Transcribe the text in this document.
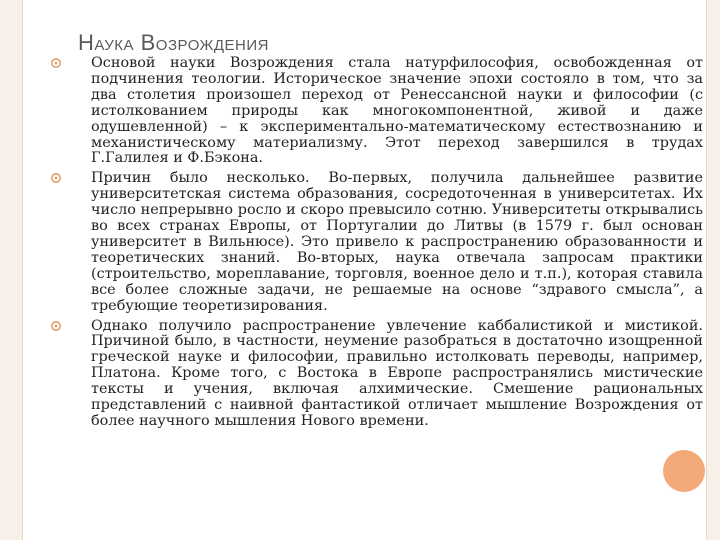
Наука Возрождения
Основой науки Возрождения стала натурфилософия, освобожденная от подчинения теологии. Историческое значение эпохи состояло в том, что за два столетия произошел переход от Ренессансной науки и философии (с истолкованием природы как многокомпонентной, живой и даже одушевленной) – к экспериментально-математическому естествознанию и механистическому материализму. Этот переход завершился в трудах Г.Галилея и Ф.Бэкона.
Причин было несколько. Во-первых, получила дальнейшее развитие университетская система образования, сосредоточенная в университетах. Их число непрерывно росло и скоро превысило сотню. Университеты открывались во всех странах Европы, от Португалии до Литвы (в 1579 г. был основан университет в Вильнюсе). Это привело к распространению образованности и теоретических знаний. Во-вторых, наука отвечала запросам практики (строительство, мореплавание, торговля, военное дело и т.п.), которая ставила все более сложные задачи, не решаемые на основе “здравого смысла”, а требующие теоретизирования.
Однако получило распространение увлечение каббалистикой и мистикой. Причиной было, в частности, неумение разобраться в достаточно изощренной греческой науке и философии, правильно истолковать переводы, например, Платона. Кроме того, с Востока в Европе распространялись мистические тексты и учения, включая алхимические. Смешение рациональных представлений с наивной фантастикой отличает мышление Возрождения от более научного мышления Нового времени.
